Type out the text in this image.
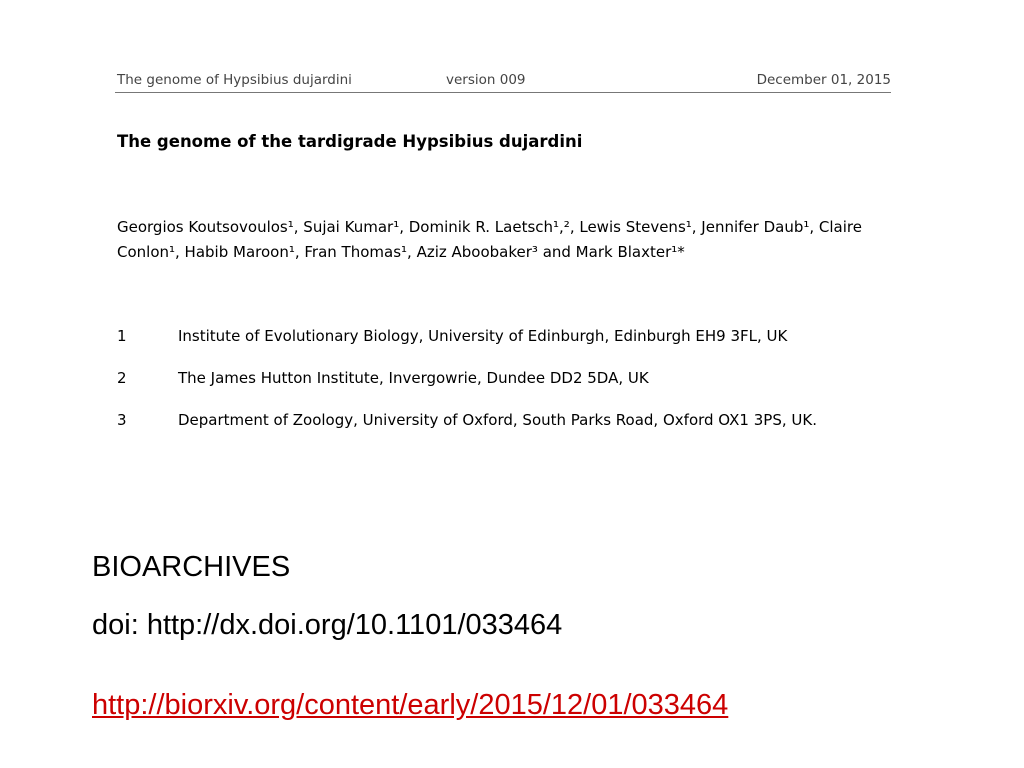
The genome of Hypsibius dujardini	version 009	December 01, 2015
The genome of the tardigrade Hypsibius dujardini
Georgios Koutsovoulos¹, Sujai Kumar¹, Dominik R. Laetsch¹,², Lewis Stevens¹, Jennifer Daub¹, Claire
Conlon¹, Habib Maroon¹, Fran Thomas¹, Aziz Aboobaker³ and Mark Blaxter¹*
1	Institute of Evolutionary Biology, University of Edinburgh, Edinburgh EH9 3FL, UK
2	The James Hutton Institute, Invergowrie, Dundee DD2 5DA, UK
3	Department of Zoology, University of Oxford, South Parks Road, Oxford OX1 3PS, UK.
BIOARCHIVES
doi: http://dx.doi.org/10.1101/033464
http://biorxiv.org/content/early/2015/12/01/033464
